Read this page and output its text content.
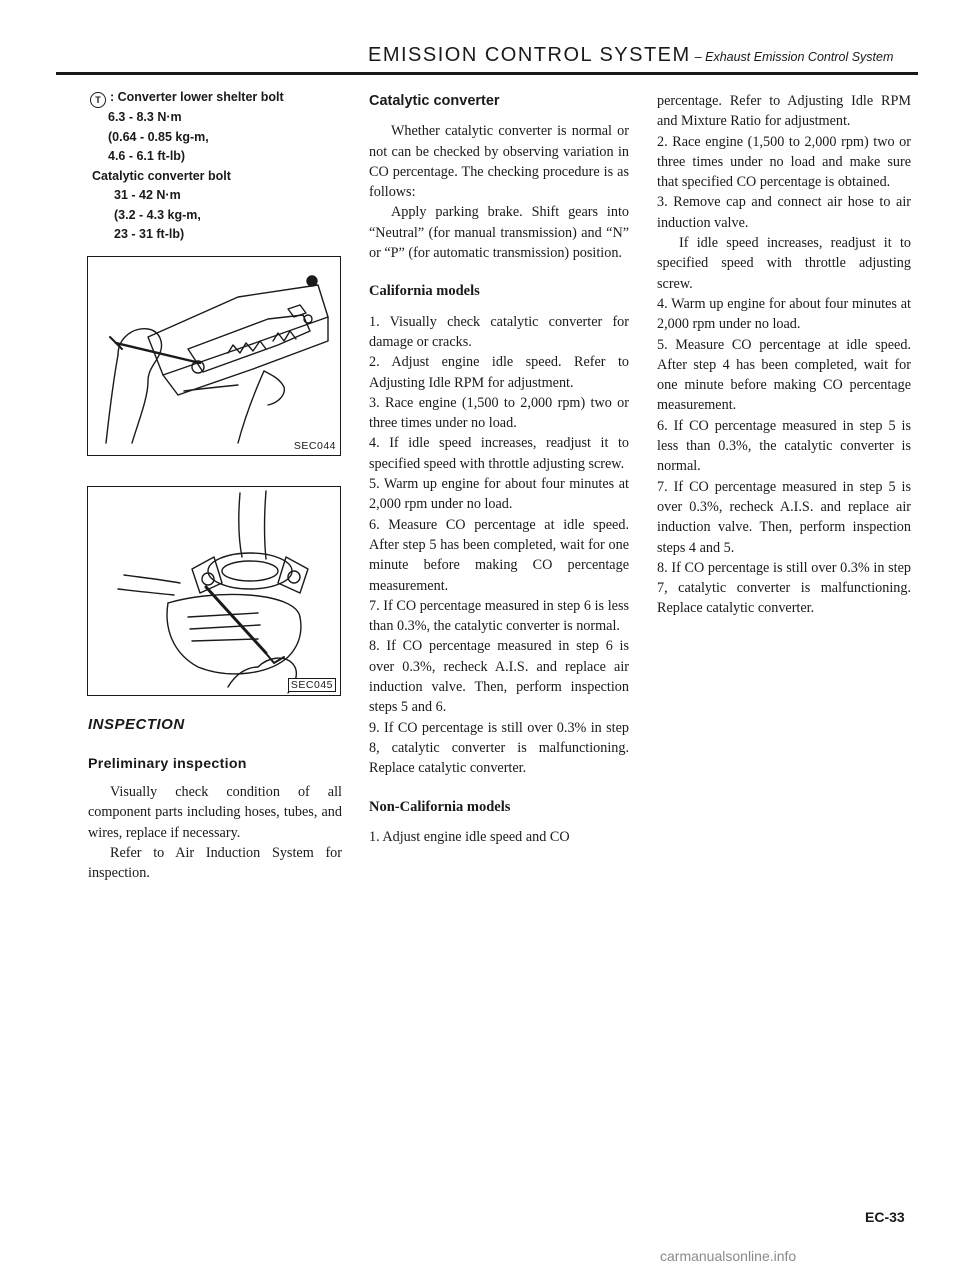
EMISSION CONTROL SYSTEM – Exhaust Emission Control System
T : Converter lower shelter bolt
6.3 - 8.3 N·m
(0.64 - 0.85 kg-m,
4.6 - 6.1 ft-lb)
Catalytic converter bolt
31 - 42 N·m
(3.2 - 4.3 kg-m,
23 - 31 ft-lb)
SEC044
SEC045
INSPECTION
Preliminary inspection

Visually check condition of all component parts including hoses, tubes, and wires, replace if necessary.

Refer to Air Induction System for inspection.

Catalytic converter

Whether catalytic converter is normal or not can be checked by observing variation in CO percentage. The checking procedure is as follows:

Apply parking brake. Shift gears into “Neutral” (for manual transmission) and “N” or “P” (for automatic transmission) position.

California models

1. Visually check catalytic converter for damage or cracks.

2. Adjust engine idle speed. Refer to Adjusting Idle RPM for adjustment.

3. Race engine (1,500 to 2,000 rpm) two or three times under no load.

4. If idle speed increases, readjust it to specified speed with throttle adjusting screw.

5. Warm up engine for about four minutes at 2,000 rpm under no load.

6. Measure CO percentage at idle speed. After step 5 has been completed, wait for one minute before making CO percentage measurement.

7. If CO percentage measured in step 6 is less than 0.3%, the catalytic converter is normal.

8. If CO percentage measured in step 6 is over 0.3%, recheck A.I.S. and replace air induction valve. Then, perform inspection steps 5 and 6.

9. If CO percentage is still over 0.3% in step 8, catalytic converter is malfunctioning. Replace catalytic converter.

Non-California models

1. Adjust engine idle speed and CO

percentage. Refer to Adjusting Idle RPM and Mixture Ratio for adjustment.

2. Race engine (1,500 to 2,000 rpm) two or three times under no load and make sure that specified CO percentage is obtained.

3. Remove cap and connect air hose to air induction valve.

If idle speed increases, readjust it to specified speed with throttle adjusting screw.

4. Warm up engine for about four minutes at 2,000 rpm under no load.

5. Measure CO percentage at idle speed. After step 4 has been completed, wait for one minute before making CO percentage measurement.

6. If CO percentage measured in step 5 is less than 0.3%, the catalytic converter is normal.

7. If CO percentage measured in step 5 is over 0.3%, recheck A.I.S. and replace air induction valve. Then, perform inspection steps 4 and 5.

8. If CO percentage is still over 0.3% in step 7, catalytic converter is malfunctioning. Replace catalytic converter.

EC-33
carmanualsonline.info
